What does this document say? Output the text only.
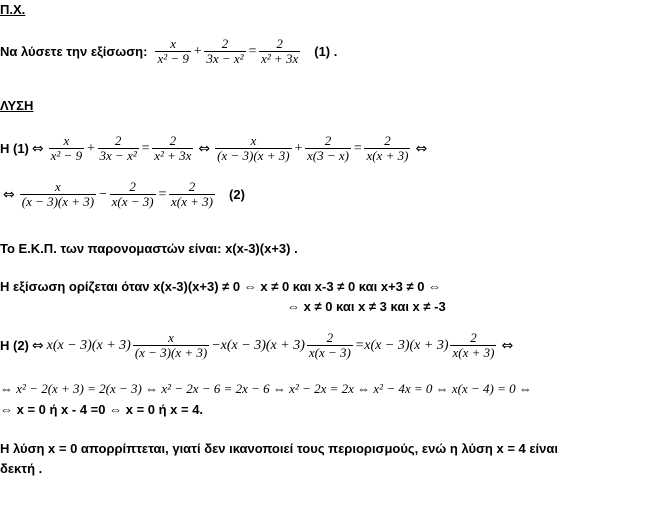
Π.Χ.
Να λύσετε την εξίσωση: $\frac{x}{\text{x² − 9}} + \frac{2}{\text{3x − x²}} = \frac{2}{\text{x² + 3x}} (1)$ .
ΛΥΣΗ
Η (1) ⇔ $\frac{x}{\text{x² − 9}} + \frac{2}{\text{3x − x²}} = \frac{2}{\text{x² + 3x}}$ ⇔ $\frac{x}{(x - 3)(x + 3)} + \frac{2}{x(3 - x)} = \frac{2}{x(x + 3)}$ ⇔
⇔ $\frac{x}{(x - 3)(x + 3)} - \frac{2}{x(x - 3)} = \frac{2}{x(x + 3)} (2)$
Το Ε.Κ.Π. των παρονομαστών είναι: x(x-3)(x+3) .
Η εξίσωση ορίζεται όταν x(x-3)(x+3) ≠ 0 ⇔ x ≠ 0 και x-3 ≠ 0 και x+3 ≠ 0 ⇔
⇔ x ≠ 0 και x ≠ 3 και x ≠ -3
Η (2) ⇔ $x(x - 3)(x + 3) \frac{x}{(x - 3)(x + 3)} - x(x - 3)(x + 3) \frac{2}{x(x - 3)} = x(x - 3)(x + 3) \frac{2}{x(x + 3)}$ ⇔
⇔ x² − 2(x + 3) = 2(x − 3) ⇔ x² − 2x − 6 = 2x − 6 ⇔ x² − 2x = 2x ⇔ x² − 4x = 0 ⇔ x(x − 4) = 0 ⇔
⇔ x = 0 ή x - 4 =0 ⇔ x = 0 ή x = 4.
Η λύση x = 0 απορρίπτεται, γιατί δεν ικανοποιεί τους περιορισμούς, ενώ η λύση x = 4 είναι
δεκτή .
